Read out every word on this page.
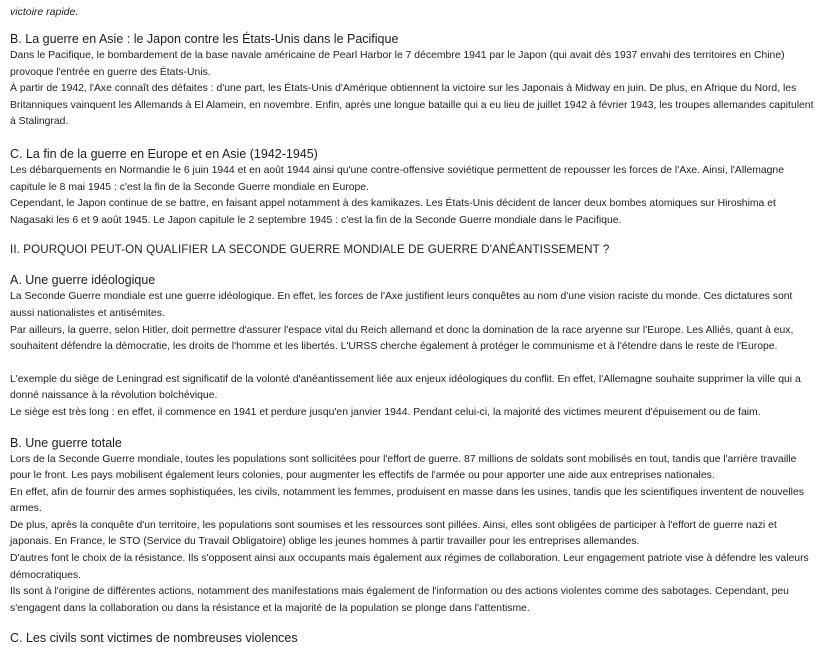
victoire rapide.

B. La guerre en Asie : le Japon contre les États-Unis dans le Pacifique

Dans le Pacifique, le bombardement de la base navale américaine de Pearl Harbor le 7 décembre 1941 par le Japon (qui avait dès 1937 envahi des territoires en Chine) provoque l'entrée en guerre des États-Unis.

À partir de 1942, l'Axe connaît des défaites : d'une part, les États-Unis d'Amérique obtiennent la victoire sur les Japonais à Midway en juin. De plus, en Afrique du Nord, les Britanniques vainquent les Allemands à El Alamein, en novembre. Enfin, après une longue bataille qui a eu lieu de juillet 1942 à février 1943, les troupes allemandes capitulent à Stalingrad.

C. La fin de la guerre en Europe et en Asie (1942-1945)

Les débarquements en Normandie le 6 juin 1944 et en août 1944 ainsi qu'une contre-offensive soviétique permettent de repousser les forces de l'Axe. Ainsi, l'Allemagne capitule le 8 mai 1945 : c'est la fin de la Seconde Guerre mondiale en Europe.

Cependant, le Japon continue de se battre, en faisant appel notamment à des kamikazes. Les États-Unis décident de lancer deux bombes atomiques sur Hiroshima et Nagasaki les 6 et 9 août 1945. Le Japon capitule le 2 septembre 1945 : c'est la fin de la Seconde Guerre mondiale dans le Pacifique.

II. POURQUOI PEUT-ON QUALIFIER LA SECONDE GUERRE MONDIALE DE GUERRE D'ANÉANTISSEMENT ?
A. Une guerre idéologique

La Seconde Guerre mondiale est une guerre idéologique. En effet, les forces de l'Axe justifient leurs conquêtes au nom d'une vision raciste du monde. Ces dictatures sont aussi nationalistes et antisémites.

Par ailleurs, la guerre, selon Hitler, doit permettre d'assurer l'espace vital du Reich allemand et donc la domination de la race aryenne sur l'Europe. Les Alliés, quant à eux, souhaitent défendre la démocratie, les droits de l'homme et les libertés. L'URSS cherche également à protéger le communisme et à l'étendre dans le reste de l'Europe.

L'exemple du siège de Leningrad est significatif de la volonté d'anéantissement liée aux enjeux idéologiques du conflit. En effet, l'Allemagne souhaite supprimer la ville qui a donné naissance à la révolution bolchévique.

Le siège est très long : en effet, il commence en 1941 et perdure jusqu'en janvier 1944. Pendant celui-ci, la majorité des victimes meurent d'épuisement ou de faim.

B. Une guerre totale

Lors de la Seconde Guerre mondiale, toutes les populations sont sollicitées pour l'effort de guerre. 87 millions de soldats sont mobilisés en tout, tandis que l'arrière travaille pour le front. Les pays mobilisent également leurs colonies, pour augmenter les effectifs de l'armée ou pour apporter une aide aux entreprises nationales.

En effet, afin de fournir des armes sophistiquées, les civils, notamment les femmes, produisent en masse dans les usines, tandis que les scientifiques inventent de nouvelles armes.

De plus, après la conquête d'un territoire, les populations sont soumises et les ressources sont pillées. Ainsi, elles sont obligées de participer à l'effort de guerre nazi et japonais. En France, le STO (Service du Travail Obligatoire) oblige les jeunes hommes à partir travailler pour les entreprises allemandes.

D'autres font le choix de la résistance. Ils s'opposent ainsi aux occupants mais également aux régimes de collaboration. Leur engagement patriote vise à défendre les valeurs démocratiques.

Ils sont à l'origine de différentes actions, notamment des manifestations mais également de l'information ou des actions violentes comme des sabotages. Cependant, peu s'engagent dans la collaboration ou dans la résistance et la majorité de la population se plonge dans l'attentisme.

C. Les civils sont victimes de nombreuses violences
